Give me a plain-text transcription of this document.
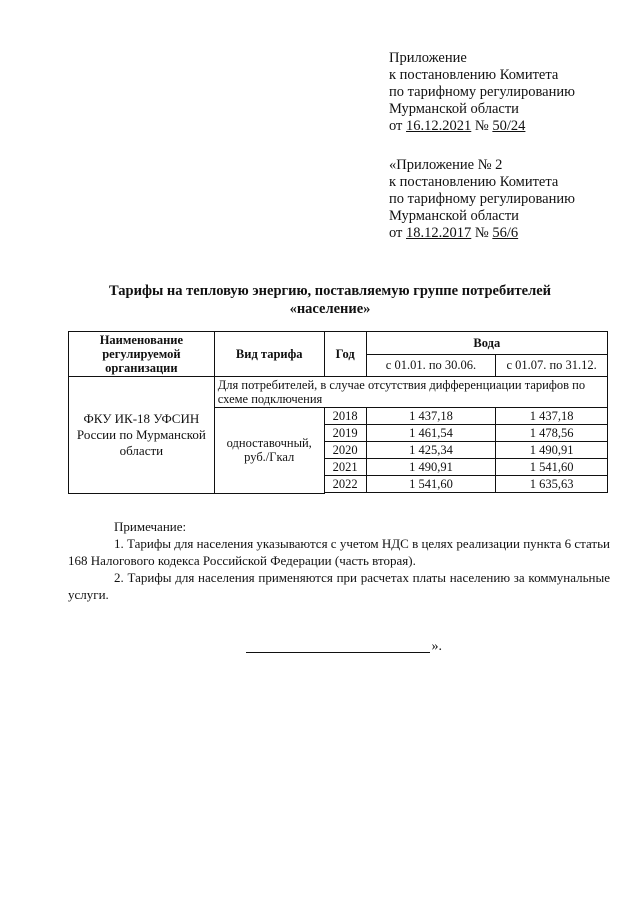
Приложение
к постановлению Комитета
по тарифному регулированию
Мурманской области
от 16.12.2021 № 50/24
«Приложение № 2
к постановлению Комитета
по тарифному регулированию
Мурманской области
от 18.12.2017 № 56/6
Тарифы на тепловую энергию, поставляемую группе потребителей
«население»
Наименование регулируемой организации	Вид тарифа	Год	Вода	
			с 01.01. по 30.06.	с 01.07. по 31.12.
ФКУ ИК-18 УФСИН России по Мурманской области	Для потребителей, в случае отсутствия дифференциации тарифов по схеме подключения			
	одноставочный, руб./Гкал	2018	1 437,18	1 437,18
		2019	1 461,54	1 478,56
		2020	1 425,34	1 490,91
		2021	1 490,91	1 541,60
		2022	1 541,60	1 635,63

Примечание:

1. Тарифы для населения указываются с учетом НДС в целях реализации пункта 6 статьи 168 Налогового кодекса Российской Федерации (часть вторая).

2. Тарифы для населения применяются при расчетах платы населению за коммунальные услуги.

».
